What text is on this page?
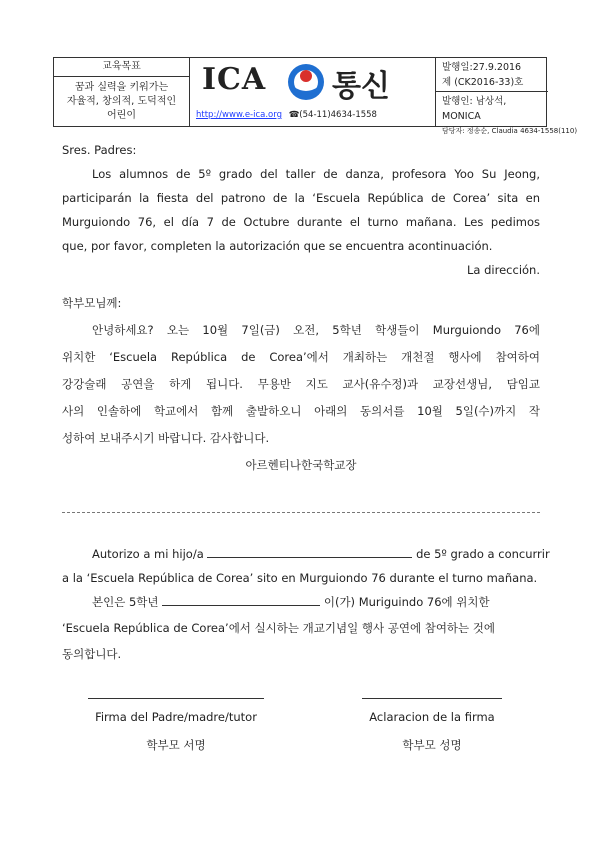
교육목표
꿈과 실력을 키워가는
자율적, 창의적, 도덕적인
어린이
ICA 통신
http://www.e-ica.org ☎(54-11)4634-1558
발행일:27.9.2016
제 (CK2016-33)호
발행인: 남상석, MONICA
담당자: 정송순, Claudia 4634-1558(110)
Sres. Padres:
Los alumnos de 5º grado del taller de danza, profesora Yoo Su Jeong,
participarán la fiesta del patrono de la ‘Escuela República de Corea’ sita en
Murguiondo 76, el día 7 de Octubre durante el turno mañana. Les pedimos
que, por favor, completen la autorización que se encuentra acontinuación.
La dirección.
학부모님께:
안녕하세요? 오는 10월 7일(금) 오전, 5학년 학생들이 Murguiondo 76에
위치한 ‘Escuela República de Corea’에서 개최하는 개천절 행사에 참여하여
강강술래 공연을 하게 됩니다. 무용반 지도 교사(유수정)과 교장선생님, 담임교
사의 인솔하에 학교에서 함께 출발하오니 아래의 동의서를 10월 5일(수)까지 작
성하여 보내주시기 바랍니다. 감사합니다.
아르헨티나한국학교장
Autorizo a mi hijo/a	de 5º grado a concurrir
a la ‘Escuela República de Corea’ sito en Murguiondo 76 durante el turno mañana.
본인은 5학년	이(가) Muriguindo 76에 위치한
‘Escuela República de Corea’에서 실시하는 개교기념일 행사 공연에 참여하는 것에
동의합니다.
Firma del Padre/madre/tutor
학부모 서명
Aclaracion de la firma
학부모 성명
